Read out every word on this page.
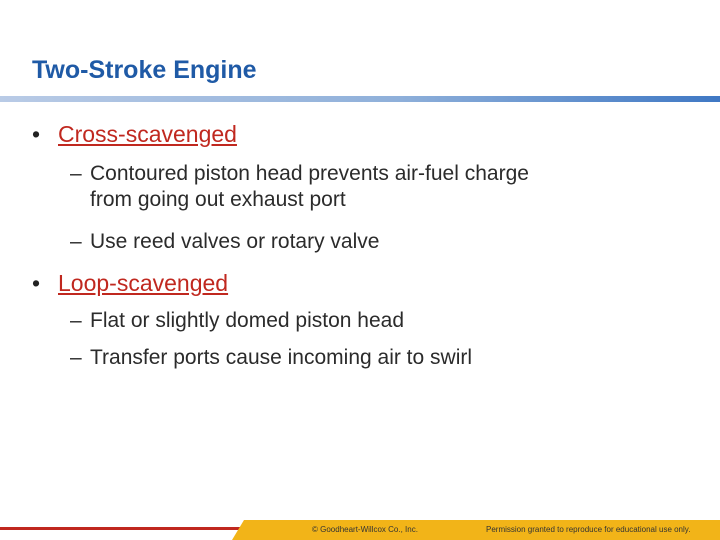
Two-Stroke Engine
• Cross-scavenged
– Contoured piston head prevents air-fuel charge
from going out exhaust port
– Use reed valves or rotary valve
• Loop-scavenged
– Flat or slightly domed piston head
– Transfer ports cause incoming air to swirl
© Goodheart-Willcox Co., Inc.	Permission granted to reproduce for educational use only.
